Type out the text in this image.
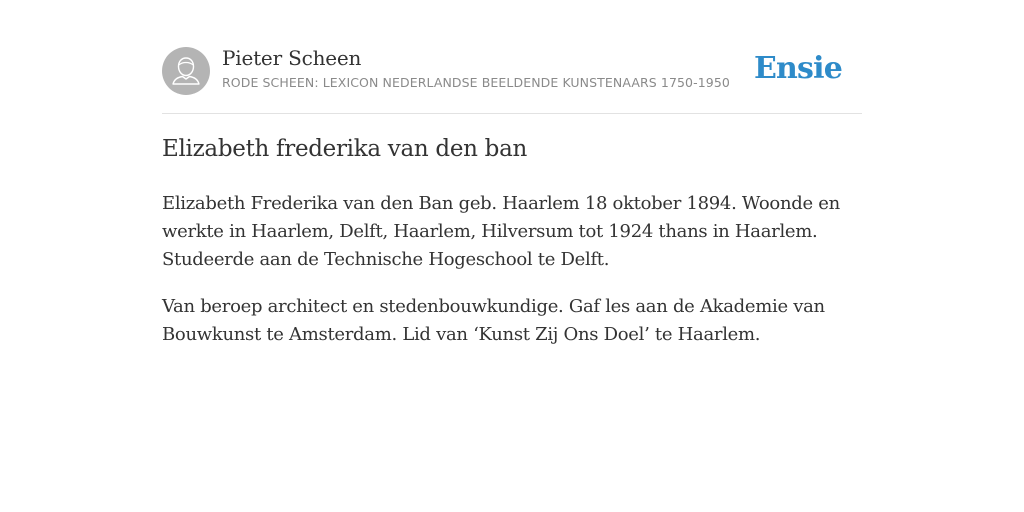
Pieter Scheen
RODE SCHEEN: LEXICON NEDERLANDSE BEELDENDE KUNSTENAARS 1750-1950 Ensie
Elizabeth frederika van den ban

Elizabeth Frederika van den Ban geb. Haarlem 18 oktober 1894. Woonde en werkte in Haarlem, Delft, Haarlem, Hilversum tot 1924 thans in Haarlem. Studeerde aan de Technische Hogeschool te Delft.

Van beroep architect en stedenbouwkundige. Gaf les aan de Akademie van Bouwkunst te Amsterdam. Lid van ‘Kunst Zij Ons Doel’ te Haarlem.
